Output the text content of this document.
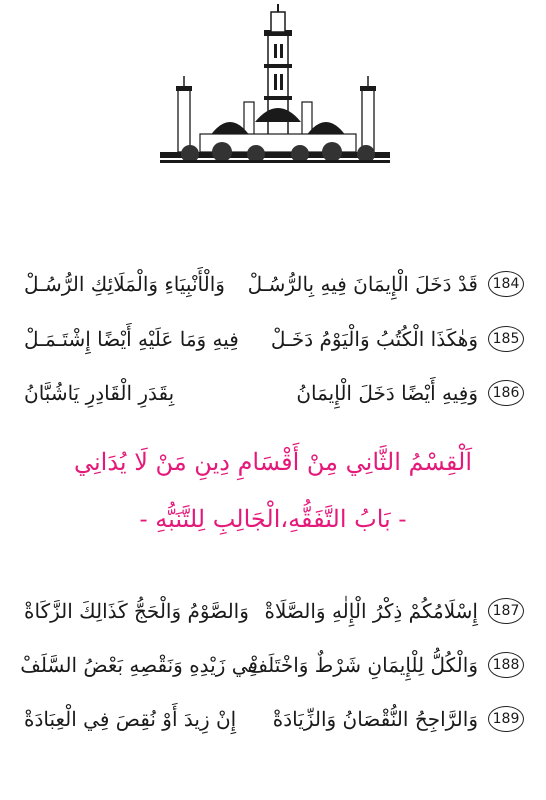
184
قَدْ دَخَلَ الْإِيمَانَ فِيهِ بِالرُّسُـلْ
وَالْأَنْبِيَاءِ وَالْمَلَائِكِ الرُّسُـلْ
185
وَهٰكَذَا الْكُتُبُ وَالْيَوْمُ دَخَـلْ
فِيهِ وَمَا عَلَيْهِ أَيْضًا إِشْتَـمَـلْ
186
وَفِيهِ أَيْضًا دَخَلَ الْإِيمَانُ
بِقَدَرِ الْقَادِرِ يَاشُبَّانُ
اَلْقِسْمُ الثَّانِي مِنْ أَقْسَامِ دِينِ مَنْ لَا يُدَانِي
- بَابُ التَّفَقُّهِ،الْجَالِبِ لِلتَّنَبُّهِ -
187
إِسْلَامُكُمْ ذِكْرُ الْإِلٰهِ وَالصَّلَاةْ
وَالصَّوْمُ وَالْحَجُّ كَذَالِكَ الزَّكَاةْ
188
وَالْكُلُّ لِلْإِيمَانِ شَرْطٌ وَاخْتَلَفْ
فِي زَيْدِهِ وَنَقْصِهِ بَعْضُ السَّلَفْ
189
وَالرَّاجِحُ النُّقْصَانُ وَالزِّيَادَةْ
إِنْ زِيدَ أَوْ نُقِصَ فِي الْعِبَادَةْ
